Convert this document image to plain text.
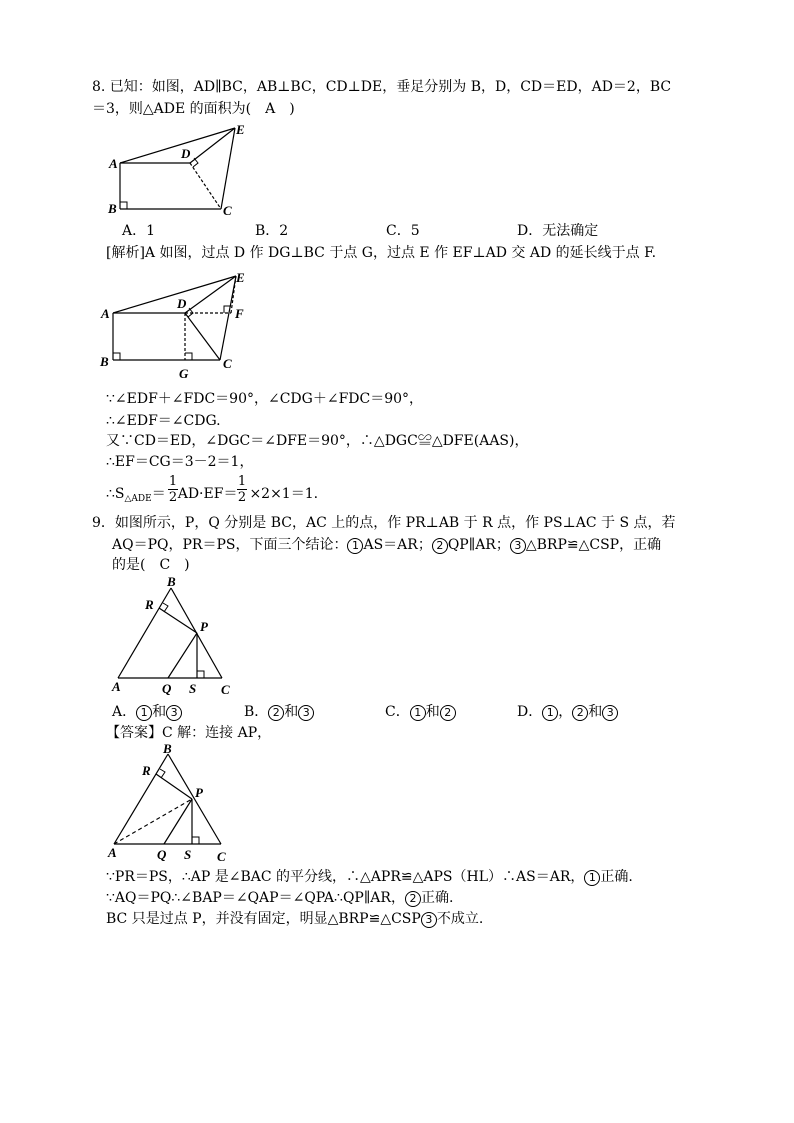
8. 已知：如图，AD∥BC，AB⊥BC，CD⊥DE，垂足分别为 B，D，CD＝ED，AD＝2，BC
＝3，则△ADE 的面积为(　A　)
A
B	C
D
E
A．1	B．2	C．5	D．无法确定
[解析]A 如图，过点 D 作 DG⊥BC 于点 G，过点 E 作 EF⊥AD 交 AD 的延长线于点 F.
A
B	C
D
E
F
G
∵∠EDF＋∠FDC＝90°，∠CDG＋∠FDC＝90°，
∴∠EDF＝∠CDG.
又∵CD＝ED，∠DGC＝∠DFE＝90°，∴△DGC≌△DFE(AAS)，
∴EF＝CG＝3－2＝1，
$\therefore S_{\triangle ADE}= AD\cdot EF= \times 2\times 1=1$.
1
2
1
2
9．如图所示，P，Q 分别是 BC，AC 上的点，作 PR⊥AB 于 R 点，作 PS⊥AC 于 S 点，若
AQ＝PQ，PR＝PS，下面三个结论： 1 AS＝AR； 2 QP∥AR； 3 △BRP≌△CSP，正确
的是(　C　)
A
B
C
P
Q
R
S
A． 1 和 3	B． 2 和 3	C． 1 和 2	D． 1 ， 2 和 3
【答案】C 解：连接 AP，
A
B
C
P
Q
R
S
∵PR＝PS，∴AP 是∠BAC 的平分线，∴△APR≌△APS（HL）∴AS＝AR， 1 正确.
∵AQ＝PQ∴∠BAP＝∠QAP＝∠QPA∴QP∥AR， 2 正确.
BC 只是过点 P，并没有固定，明显△BRP≌△CSP 3 不成立.
